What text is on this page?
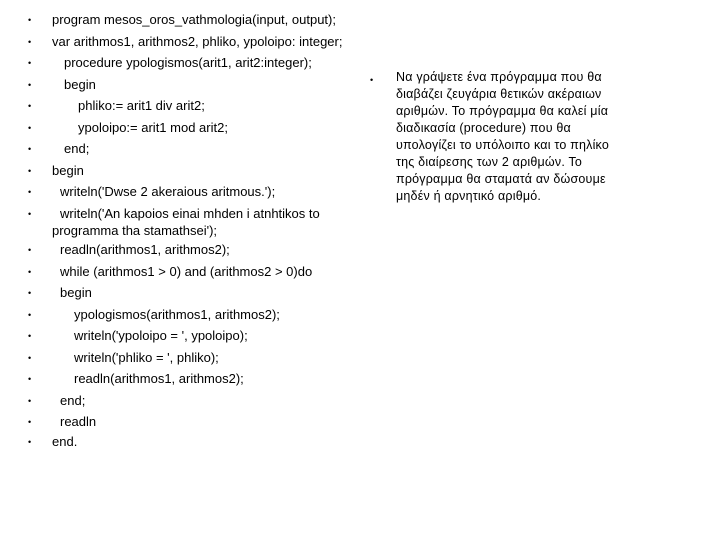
• program mesos_oros_vathmologia(input, output);
• var arithmos1, arithmos2, phliko, ypoloipo: integer;
•	procedure ypologismos(arit1, arit2:integer);
•	begin
•	phliko:= arit1 div arit2;
•	ypoloipo:= arit1 mod arit2;
•	end;
• begin
• writeln('Dwse 2 akeraious aritmous.');
• writeln('An kapoios einai mhden i atnhtikos to
programma tha stamathsei');
• readln(arithmos1, arithmos2);
• while (arithmos1 > 0) and (arithmos2 > 0)do
• begin
•	ypologismos(arithmos1, arithmos2);
•	writeln('ypoloipo = ', ypoloipo);
•	writeln('phliko = ', phliko);
•	readln(arithmos1, arithmos2);
• end;
• readln
• end.
• Να γράψετε ένα πρόγραμμα που θα
διαβάζει ζευγάρια θετικών ακέραιων
αριθμών. Το πρόγραμμα θα καλεί μία
διαδικασία (procedure) που θα
υπολογίζει το υπόλοιπο και το πηλίκο
της διαίρεσης των 2 αριθμών. Το
πρόγραμμα θα σταματά αν δώσουμε
μηδέν ή αρνητικό αριθμό.
